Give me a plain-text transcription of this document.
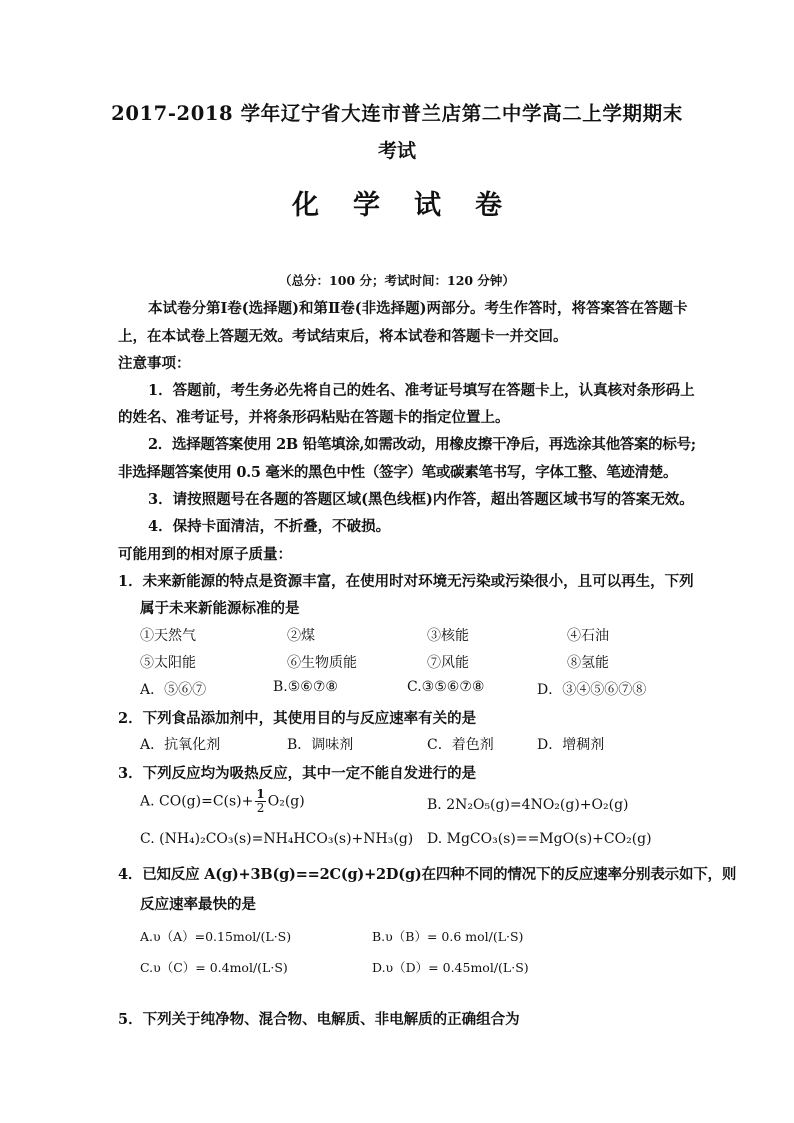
2017-2018 学年辽宁省大连市普兰店第二中学高二上学期期末
考试
化学试卷
（总分：100 分；考试时间：120 分钟）
本试卷分第Ⅰ卷(选择题)和第Ⅱ卷(非选择题)两部分。考生作答时，将答案答在答题卡
上，在本试卷上答题无效。考试结束后，将本试卷和答题卡一并交回。
注意事项：
1．答题前，考生务必先将自己的姓名、准考证号填写在答题卡上，认真核对条形码上
的姓名、准考证号，并将条形码粘贴在答题卡的指定位置上。
2．选择题答案使用 2B 铅笔填涂,如需改动，用橡皮擦干净后，再选涂其他答案的标号;
非选择题答案使用 0.5 毫米的黑色中性（签字）笔或碳素笔书写，字体工整、笔迹清楚。
3．请按照题号在各题的答题区域(黑色线框)内作答，超出答题区域书写的答案无效。
4．保持卡面清洁，不折叠，不破损。
可能用到的相对原子质量：
1．未来新能源的特点是资源丰富，在使用时对环境无污染或污染很小，且可以再生，下列
属于未来新能源标准的是
①天然气	②煤	③核能	④石油
⑤太阳能	⑥生物质能	⑦风能	⑧氢能
A．⑤⑥⑦	B.⑤⑥⑦⑧	C.③⑤⑥⑦⑧	D．③④⑤⑥⑦⑧
2．下列食品添加剂中，其使用目的与反应速率有关的是
A．抗氧化剂	B．调味剂	C．着色剂	D．增稠剂
3．下列反应均为吸热反应，其中一定不能自发进行的是
A. $CO(g)=C(s)+ \frac{1}{2} O_2(g)$	B. 2N₂O₅(g)=4NO₂(g)+O₂(g)
C. (NH₄)₂CO₃(s)=NH₄HCO₃(s)+NH₃(g) D. MgCO₃(s)==MgO(s)+CO₂(g)
4．已知反应 A(g)+3B(g)==2C(g)+2D(g)在四种不同的情况下的反应速率分别表示如下，则
反应速率最快的是
A.υ（A）=0.15mol/(L·S)	B.υ（B）= 0.6 mol/(L·S)
C.υ（C）= 0.4mol/(L·S)	D.υ（D）= 0.45mol/(L·S)
5．下列关于纯净物、混合物、电解质、非电解质的正确组合为
